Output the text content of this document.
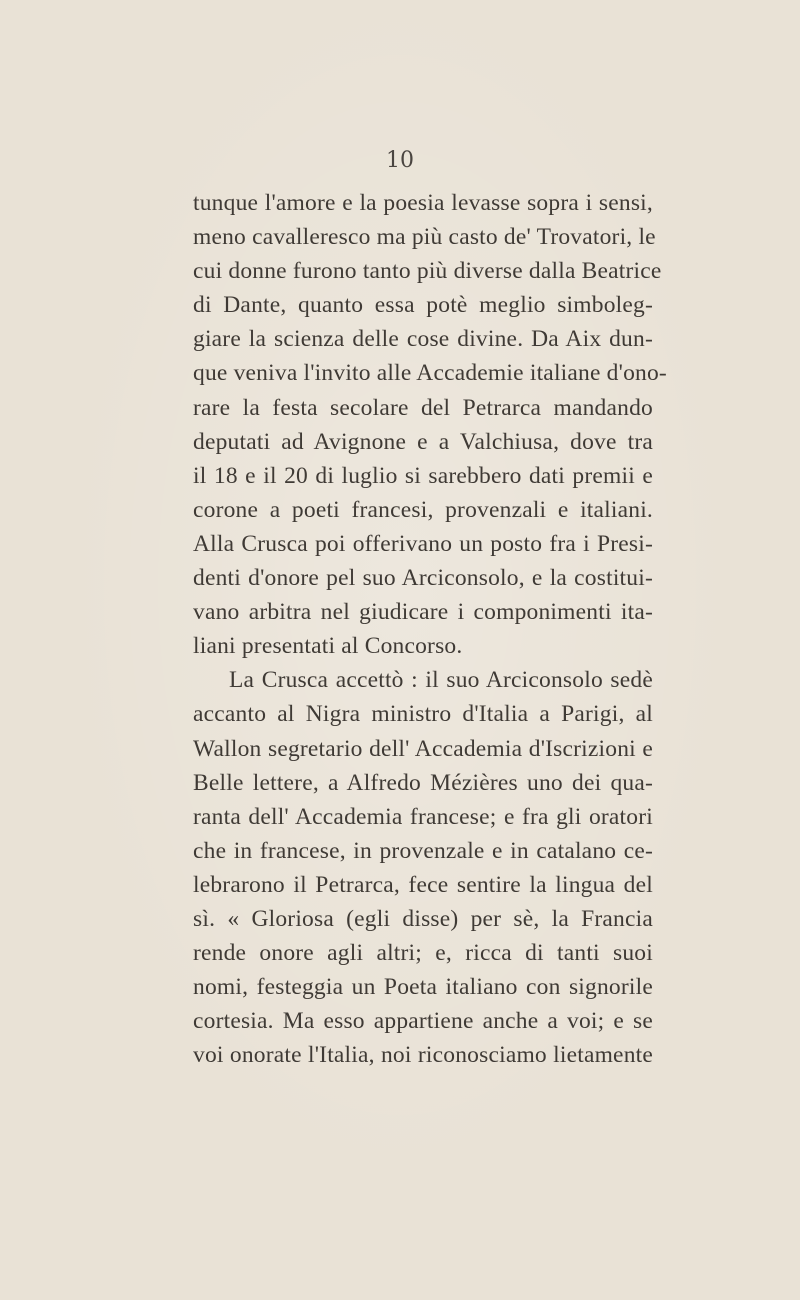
10
tunque l'amore e la poesia levasse sopra i sensi,
meno cavalleresco ma più casto de' Trovatori, le
cui donne furono tanto più diverse dalla Beatrice
di Dante, quanto essa potè meglio simboleg-
giare la scienza delle cose divine. Da Aix dun-
que veniva l'invito alle Accademie italiane d'ono-
rare la festa secolare del Petrarca mandando
deputati ad Avignone e a Valchiusa, dove tra
il 18 e il 20 di luglio si sarebbero dati premii e
corone a poeti francesi, provenzali e italiani.
Alla Crusca poi offerivano un posto fra i Presi-
denti d'onore pel suo Arciconsolo, e la costitui-
vano arbitra nel giudicare i componimenti ita-
liani presentati al Concorso.
La Crusca accettò : il suo Arciconsolo sedè
accanto al Nigra ministro d'Italia a Parigi, al
Wallon segretario dell' Accademia d'Iscrizioni e
Belle lettere, a Alfredo Mézières uno dei qua-
ranta dell' Accademia francese; e fra gli oratori
che in francese, in provenzale e in catalano ce-
lebrarono il Petrarca, fece sentire la lingua del
sì. « Gloriosa (egli disse) per sè, la Francia
rende onore agli altri; e, ricca di tanti suoi
nomi, festeggia un Poeta italiano con signorile
cortesia. Ma esso appartiene anche a voi; e se
voi onorate l'Italia, noi riconosciamo lietamente
